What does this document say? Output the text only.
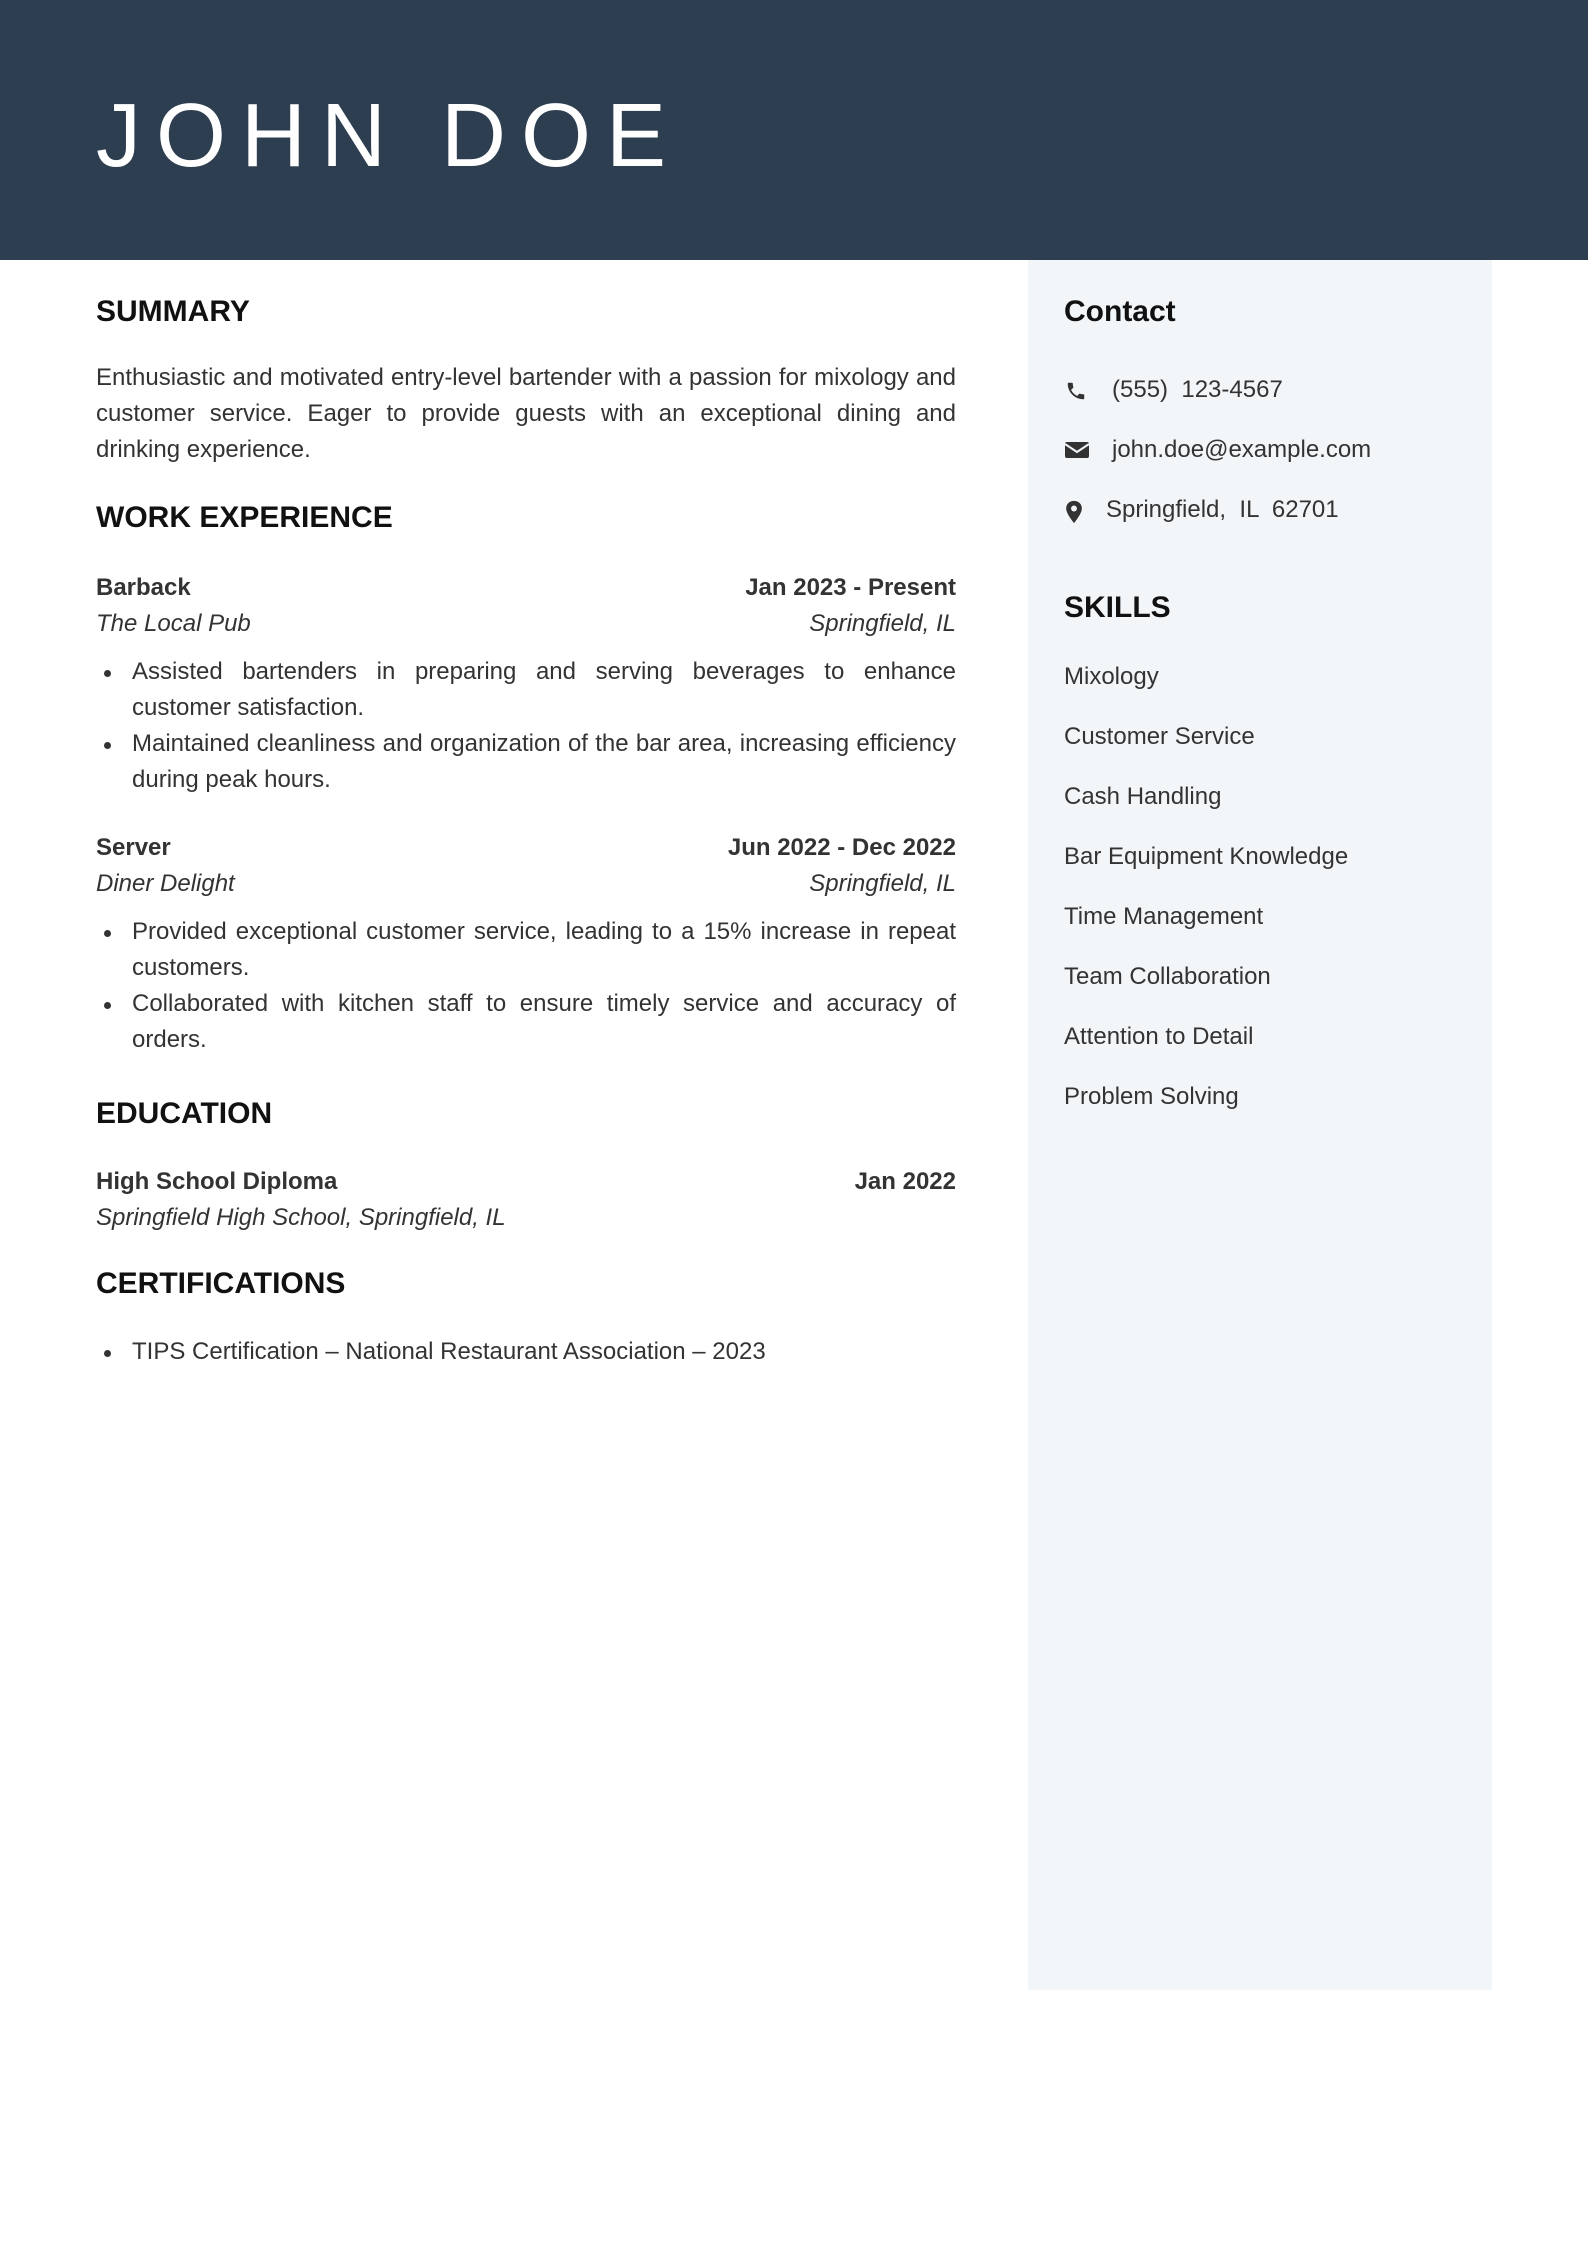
JOHN DOE
SUMMARY

Enthusiastic and motivated entry-level bartender with a passion for mixology and customer service. Eager to provide guests with an exceptional dining and drinking experience.

WORK EXPERIENCE
Barback	Jan 2023 - Present
The Local Pub	Springfield, IL
Assisted bartenders in preparing and serving beverages to enhance customer satisfaction.
Maintained cleanliness and organization of the bar area, increasing efficiency during peak hours.
Server	Jun 2022 - Dec 2022
Diner Delight	Springfield, IL
Provided exceptional customer service, leading to a 15% increase in repeat customers.
Collaborated with kitchen staff to ensure timely service and accuracy of orders.
EDUCATION
High School Diploma	Jan 2022
Springfield High School, Springfield, IL
CERTIFICATIONS
TIPS Certification – National Restaurant Association – 2023
Contact
(555)  123-4567
john.doe@example.com
Springfield,  IL  62701
SKILLS
Mixology
Customer Service
Cash Handling
Bar Equipment Knowledge
Time Management
Team Collaboration
Attention to Detail
Problem Solving
